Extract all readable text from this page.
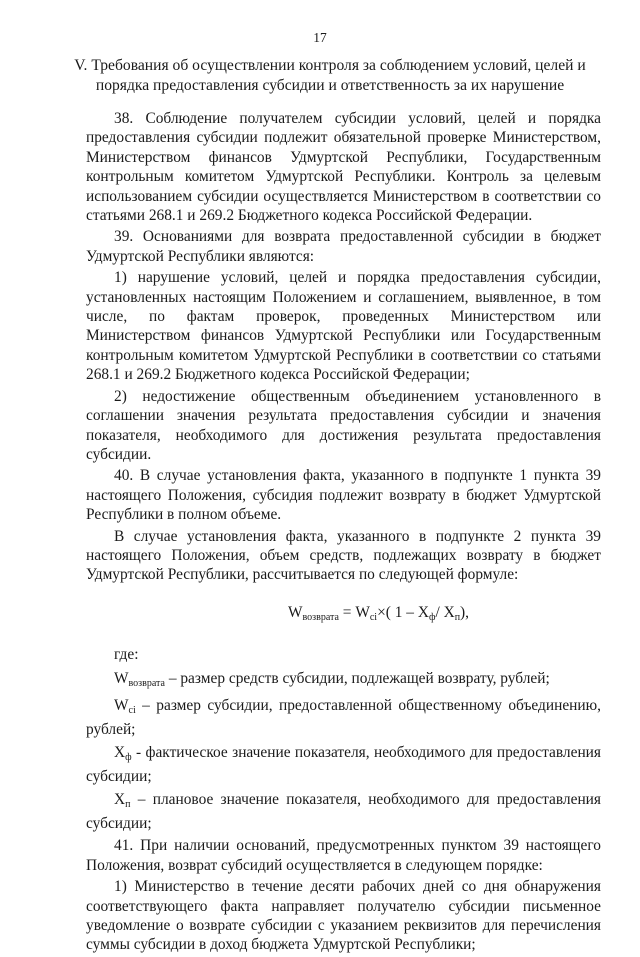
17
V. Требования об осуществлении контроля за соблюдением условий, целей и порядка предоставления субсидии и ответственность за их нарушение

38. Соблюдение получателем субсидии условий, целей и порядка предоставления субсидии подлежит обязательной проверке Министерством, Министерством финансов Удмуртской Республики, Государственным контрольным комитетом Удмуртской Республики. Контроль за целевым использованием субсидии осуществляется Министерством в соответствии со статьями 268.1 и 269.2 Бюджетного кодекса Российской Федерации.

39. Основаниями для возврата предоставленной субсидии в бюджет Удмуртской Республики являются:

1) нарушение условий, целей и порядка предоставления субсидии, установленных настоящим Положением и соглашением, выявленное, в том числе, по фактам проверок, проведенных Министерством или Министерством финансов Удмуртской Республики или Государственным контрольным комитетом Удмуртской Республики в соответствии со статьями 268.1 и 269.2 Бюджетного кодекса Российской Федерации;

2) недостижение общественным объединением установленного в соглашении значения результата предоставления субсидии и значения показателя, необходимого для достижения результата предоставления субсидии.

40. В случае установления факта, указанного в подпункте 1 пункта 39 настоящего Положения, субсидия подлежит возврату в бюджет Удмуртской Республики в полном объеме.

В случае установления факта, указанного в подпункте 2 пункта 39 настоящего Положения, объем средств, подлежащих возврату в бюджет Удмуртской Республики, рассчитывается по следующей формуле:

$W_{возврата} = W_{ci}\times$( $1 - X_ф/$ $X_п$),

где:

$W_{возврата}$ – размер средств субсидии, подлежащей возврату, рублей;

$W_{ci}$ – размер субсидии, предоставленной общественному объединению, рублей;

$X_ф$ - фактическое значение показателя, необходимого для предоставления субсидии;

$X_п$ – плановое значение показателя, необходимого для предоставления субсидии;

41. При наличии оснований, предусмотренных пунктом 39 настоящего Положения, возврат субсидий осуществляется в следующем порядке:

1) Министерство в течение десяти рабочих дней со дня обнаружения соответствующего факта направляет получателю субсидии письменное уведомление о возврате субсидии с указанием реквизитов для перечисления суммы субсидии в доход бюджета Удмуртской Республики;
